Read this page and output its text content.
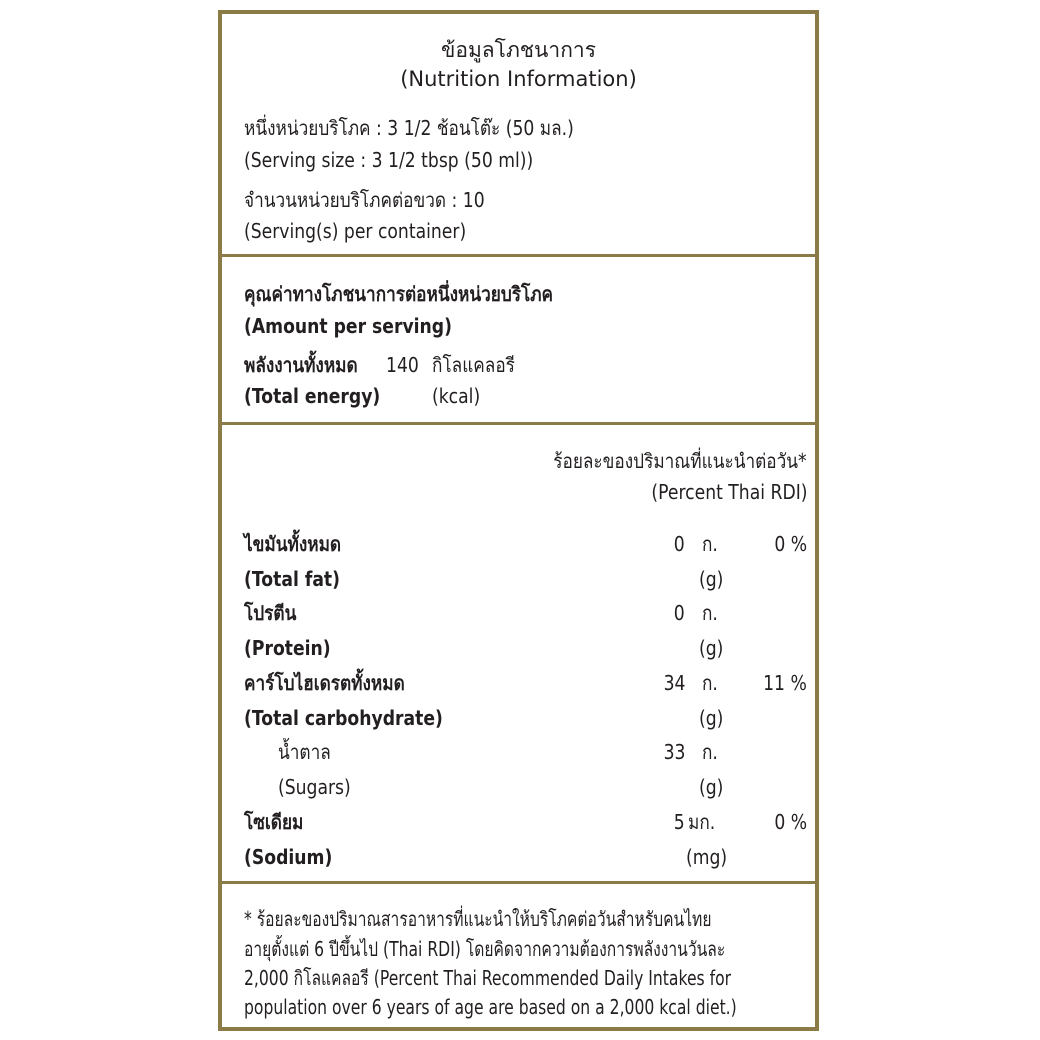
ข้อมูลโภชนาการ
(Nutrition Information)
หนึ่งหน่วยบริโภค : 3 1/2 ช้อนโต๊ะ (50 มล.)
(Serving size : 3 1/2 tbsp (50 ml))
จำนวนหน่วยบริโภคต่อขวด : 10
(Serving(s) per container)
คุณค่าทางโภชนาการต่อหนึ่งหน่วยบริโภค
(Amount per serving)
พลังงานทั้งหมด 140 กิโลแคลอรี
(Total energy)	(kcal)
ร้อยละของปริมาณที่แนะนำต่อวัน*
(Percent Thai RDI)
ไขมันทั้งหมด	0 ก.	0 %
(Total fat)	(g)
โปรตีน	0 ก.
(Protein)	(g)
คาร์โบไฮเดรตทั้งหมด	34 ก. 11 %
(Total carbohydrate)	(g)
น้ำตาล	33 ก.
(Sugars)	(g)
โซเดียม	5 มก.	0 %
(Sodium)	(mg)
* ร้อยละของปริมาณสารอาหารที่แนะนำให้บริโภคต่อวันสำหรับคนไทย
อายุตั้งแต่ 6 ปีขึ้นไป (Thai RDI) โดยคิดจากความต้องการพลังงานวันละ
2,000 กิโลแคลอรี (Percent Thai Recommended Daily Intakes for
population over 6 years of age are based on a 2,000 kcal diet.)
